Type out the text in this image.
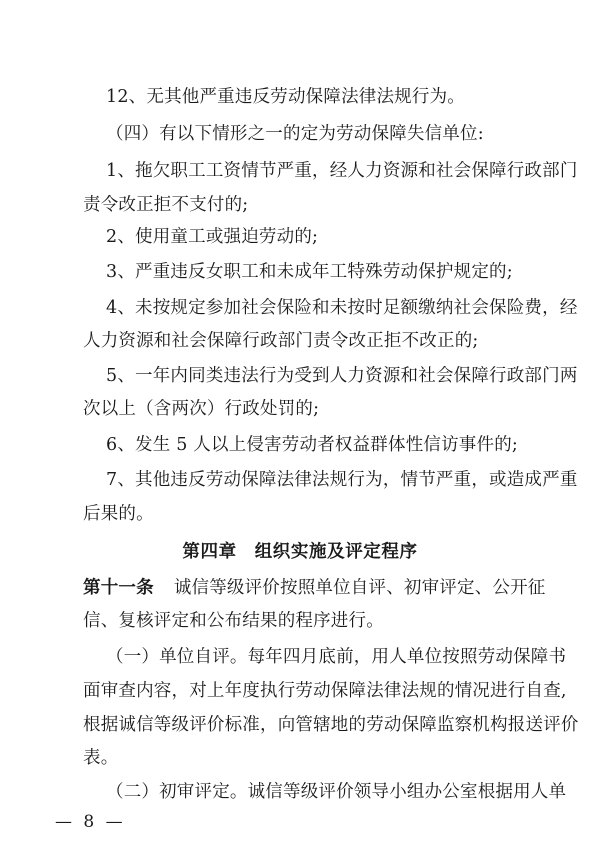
12、无其他严重违反劳动保障法律法规行为。
（四）有以下情形之一的定为劳动保障失信单位:
1、拖欠职工工资情节严重，经人力资源和社会保障行政部门
责令改正拒不支付的;
2、使用童工或强迫劳动的;
3、严重违反女职工和未成年工特殊劳动保护规定的;
4、未按规定参加社会保险和未按时足额缴纳社会保险费，经
人力资源和社会保障行政部门责令改正拒不改正的;
5、一年内同类违法行为受到人力资源和社会保障行政部门两
次以上（含两次）行政处罚的;
6、发生 5 人以上侵害劳动者权益群体性信访事件的;
7、其他违反劳动保障法律法规行为，情节严重，或造成严重
后果的。
第四章 组织实施及评定程序
第十一条 诚信等级评价按照单位自评、初审评定、公开征
信、复核评定和公布结果的程序进行。
（一）单位自评。每年四月底前，用人单位按照劳动保障书
面审查内容，对上年度执行劳动保障法律法规的情况进行自查,
根据诚信等级评价标准，向管辖地的劳动保障监察机构报送评价
表。
（二）初审评定。诚信等级评价领导小组办公室根据用人单
— 8 —
